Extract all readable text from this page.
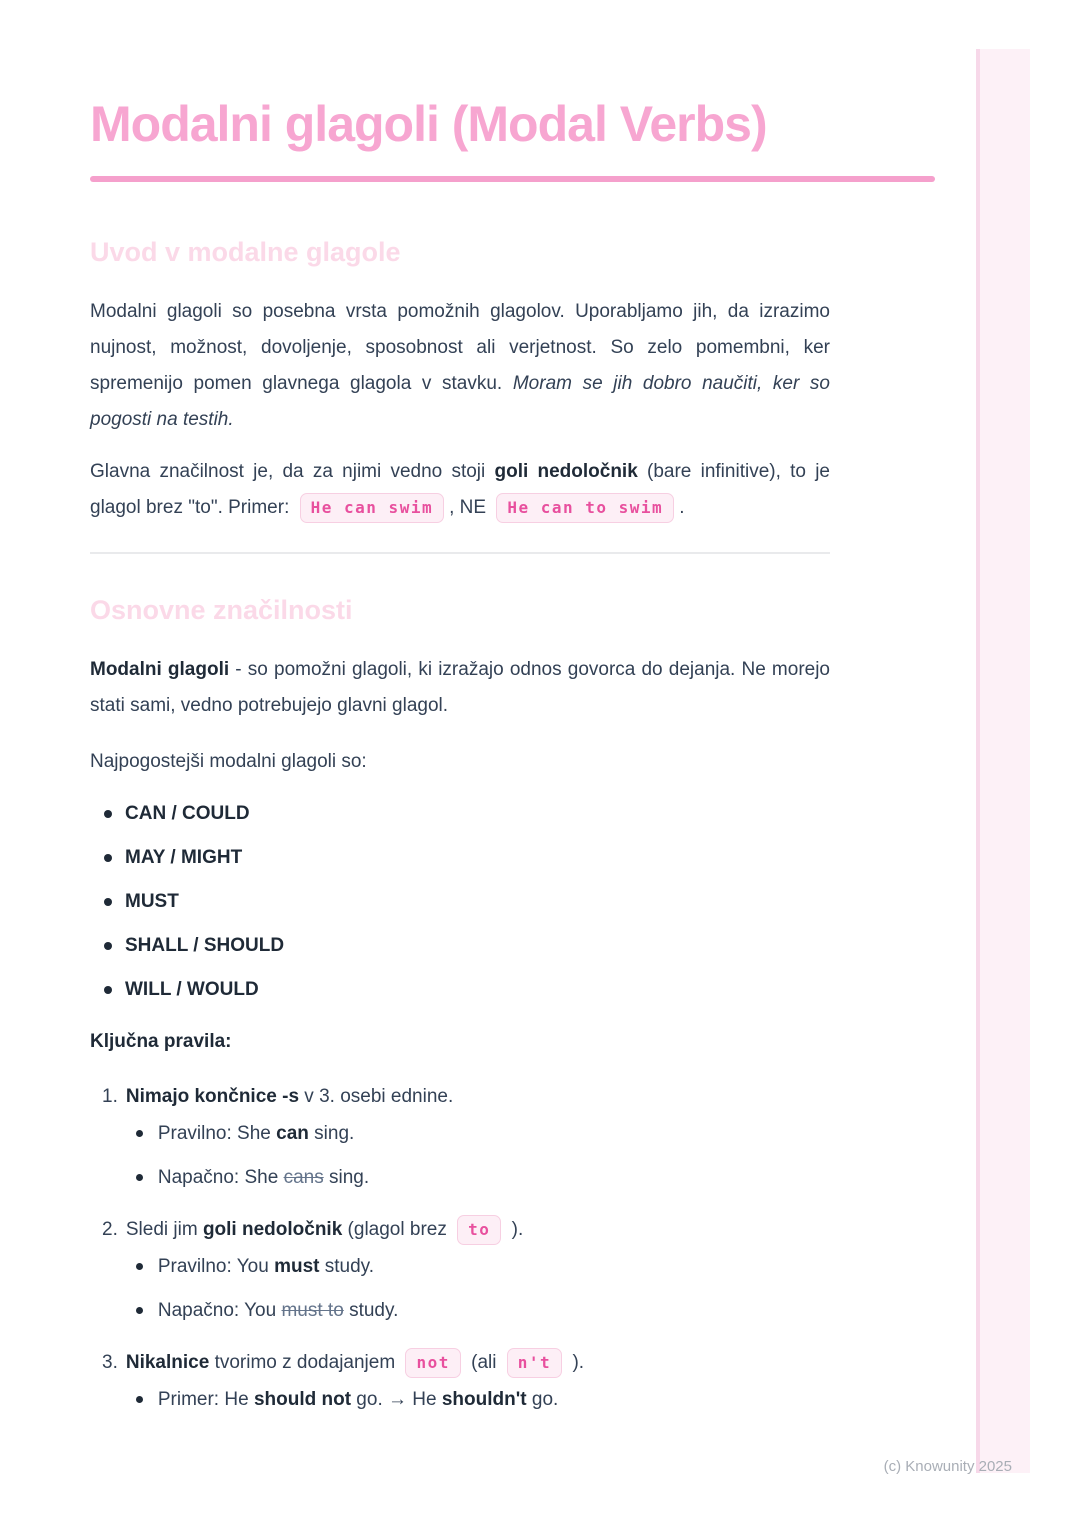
Modalni glagoli (Modal Verbs)
Uvod v modalne glagole

Modalni glagoli so posebna vrsta pomožnih glagolov. Uporabljamo jih, da izrazimo nujnost, možnost, dovoljenje, sposobnost ali verjetnost. So zelo pomembni, ker spremenijo pomen glavnega glagola v stavku. Moram se jih dobro naučiti, ker so pogosti na testih.

Glavna značilnost je, da za njimi vedno stoji goli nedoločnik (bare infinitive), to je glagol brez "to". Primer: He can swim , NE He can to swim .

Osnovne značilnosti

Modalni glagoli - so pomožni glagoli, ki izražajo odnos govorca do dejanja. Ne morejo stati sami, vedno potrebujejo glavni glagol.

Najpogostejši modalni glagoli so:

CAN / COULD
MAY / MIGHT
MUST
SHALL / SHOULD
WILL / WOULD

Ključna pravila:

1. Nimajo končnice -s v 3. osebi ednine.
Pravilno: She can sing.
Napačno: She cans sing.
2. Sledi jim goli nedoločnik (glagol brez to ).
Pravilno: You must study.
Napačno: You must to study.
3. Nikalnice tvorimo z dodajanjem not (ali n't ).
Primer: He should not go. → He shouldn't go.
(c) Knowunity 2025
